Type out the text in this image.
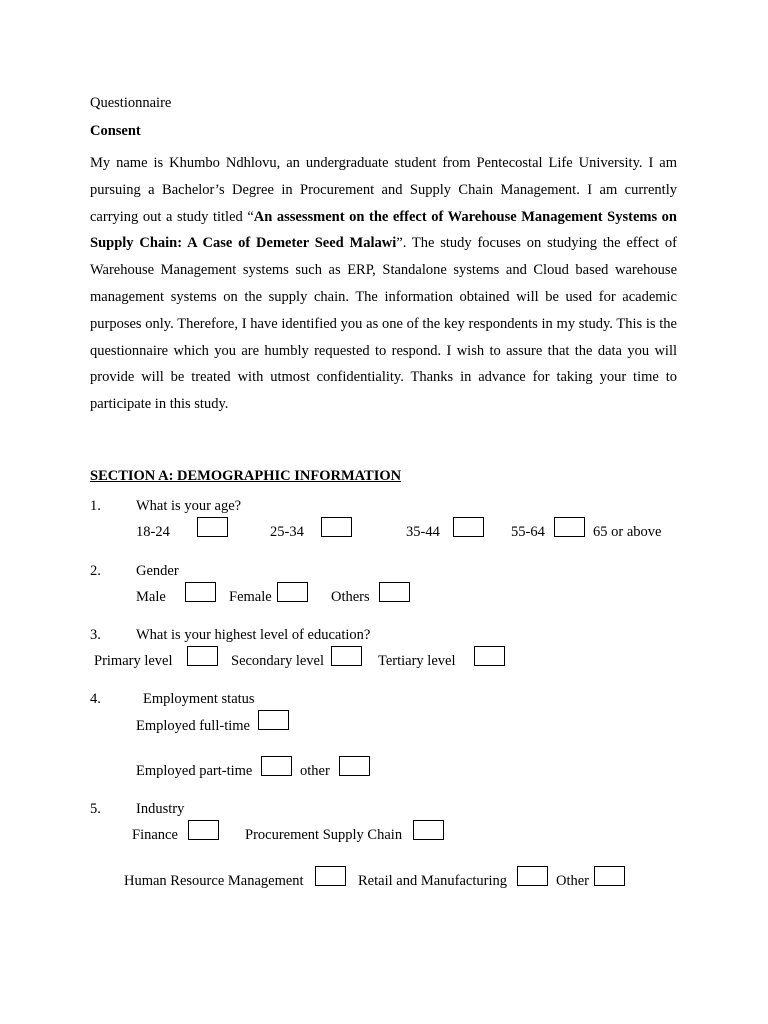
Questionnaire
Consent
My name is Khumbo Ndhlovu, an undergraduate student from Pentecostal Life University. I am pursuing a Bachelor’s Degree in Procurement and Supply Chain Management. I am currently carrying out a study titled “An assessment on the effect of Warehouse Management Systems on Supply Chain: A Case of Demeter Seed Malawi”. The study focuses on studying the effect of Warehouse Management systems such as ERP, Standalone systems and Cloud based warehouse management systems on the supply chain. The information obtained will be used for academic purposes only. Therefore, I have identified you as one of the key respondents in my study. This is the questionnaire which you are humbly requested to respond. I wish to assure that the data you will provide will be treated with utmost confidentiality. Thanks in advance for taking your time to participate in this study.
SECTION A: DEMOGRAPHIC INFORMATION
1. What is your age?
18-24	25-34	35-44	55-64	65 or above
2. Gender
Male	Female	Others
3. What is your highest level of education?
Primary level	Secondary level	Tertiary level
4.	Employment status
Employed full-time
Employed part-time	other
5. Industry
Finance	Procurement Supply Chain
Human Resource Management	Retail and Manufacturing	Other
